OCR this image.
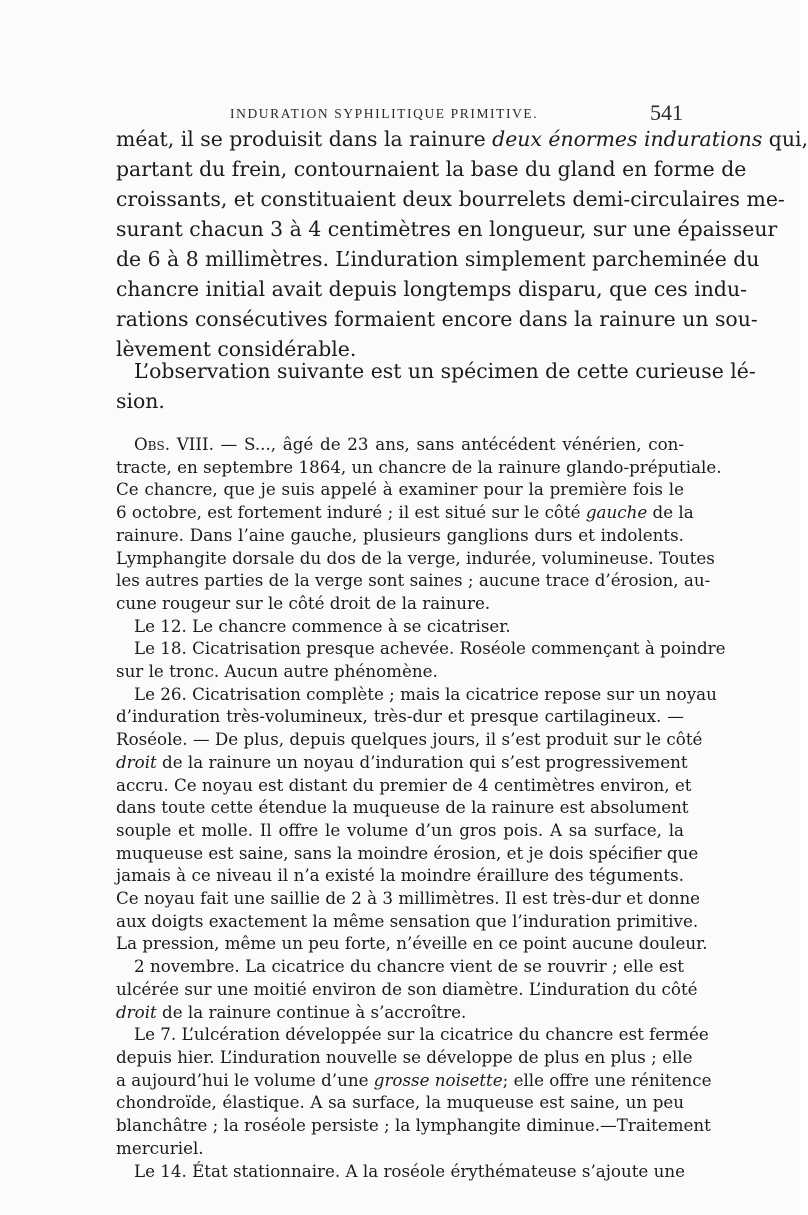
INDURATION SYPHILITIQUE PRIMITIVE.	541
méat, il se produisit dans la rainure deux énormes indurations qui,
partant du frein, contournaient la base du gland en forme de
croissants, et constituaient deux bourrelets demi-circulaires me-
surant chacun 3 à 4 centimètres en longueur, sur une épaisseur
de 6 à 8 millimètres. L’induration simplement parcheminée du
chancre initial avait depuis longtemps disparu, que ces indu-
rations consécutives formaient encore dans la rainure un sou-
lèvement considérable.
L’observation suivante est un spécimen de cette curieuse lé-
sion.
Obs. VIII. — S..., âgé de 23 ans, sans antécédent vénérien, con-
tracte, en septembre 1864, un chancre de la rainure glando-préputiale.
Ce chancre, que je suis appelé à examiner pour la première fois le
6 octobre, est fortement induré ; il est situé sur le côté gauche de la
rainure. Dans l’aine gauche, plusieurs ganglions durs et indolents.
Lymphangite dorsale du dos de la verge, indurée, volumineuse. Toutes
les autres parties de la verge sont saines ; aucune trace d’érosion, au-
cune rougeur sur le côté droit de la rainure.
Le 12. Le chancre commence à se cicatriser.
Le 18. Cicatrisation presque achevée. Roséole commençant à poindre
sur le tronc. Aucun autre phénomène.
Le 26. Cicatrisation complète ; mais la cicatrice repose sur un noyau
d’induration très-volumineux, très-dur et presque cartilagineux. —
Roséole. — De plus, depuis quelques jours, il s’est produit sur le côté
droit de la rainure un noyau d’induration qui s’est progressivement
accru. Ce noyau est distant du premier de 4 centimètres environ, et
dans toute cette étendue la muqueuse de la rainure est absolument
souple et molle. Il offre le volume d’un gros pois. A sa surface, la
muqueuse est saine, sans la moindre érosion, et je dois spécifier que
jamais à ce niveau il n’a existé la moindre éraillure des téguments.
Ce noyau fait une saillie de 2 à 3 millimètres. Il est très-dur et donne
aux doigts exactement la même sensation que l’induration primitive.
La pression, même un peu forte, n’éveille en ce point aucune douleur.
2 novembre. La cicatrice du chancre vient de se rouvrir ; elle est
ulcérée sur une moitié environ de son diamètre. L’induration du côté
droit de la rainure continue à s’accroître.
Le 7. L’ulcération développée sur la cicatrice du chancre est fermée
depuis hier. L’induration nouvelle se développe de plus en plus ; elle
a aujourd’hui le volume d’une grosse noisette; elle offre une rénitence
chondroïde, élastique. A sa surface, la muqueuse est saine, un peu
blanchâtre ; la roséole persiste ; la lymphangite diminue.—Traitement
mercuriel.
Le 14. État stationnaire. A la roséole érythémateuse s’ajoute une
